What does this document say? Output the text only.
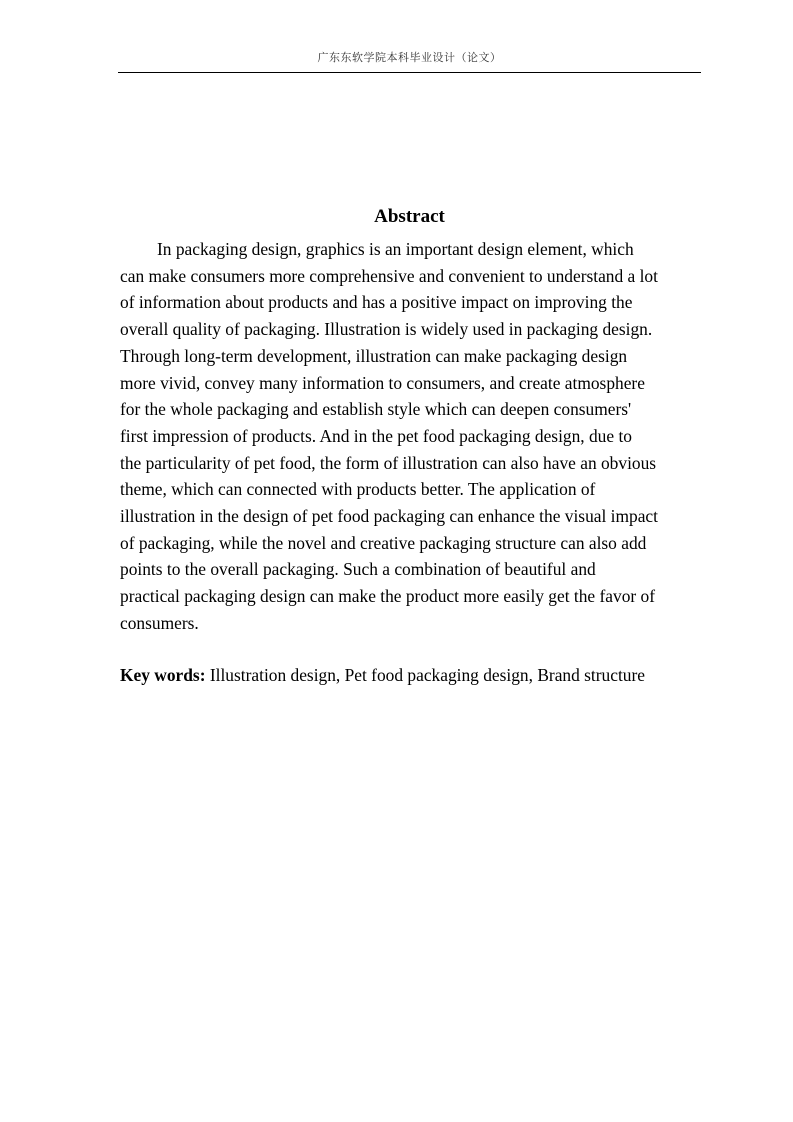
广东东软学院本科毕业设计（论文）
Abstract

In packaging design, graphics is an important design element, which
can make consumers more comprehensive and convenient to understand a lot
of information about products and has a positive impact on improving the
overall quality of packaging. Illustration is widely used in packaging design.
Through long-term development, illustration can make packaging design
more vivid, convey many information to consumers, and create atmosphere
for the whole packaging and establish style which can deepen consumers'
first impression of products. And in the pet food packaging design, due to
the particularity of pet food, the form of illustration can also have an obvious
theme, which can connected with products better. The application of
illustration in the design of pet food packaging can enhance the visual impact
of packaging, while the novel and creative packaging structure can also add
points to the overall packaging. Such a combination of beautiful and
practical packaging design can make the product more easily get the favor of
consumers.

Key words: Illustration design, Pet food packaging design, Brand structure
